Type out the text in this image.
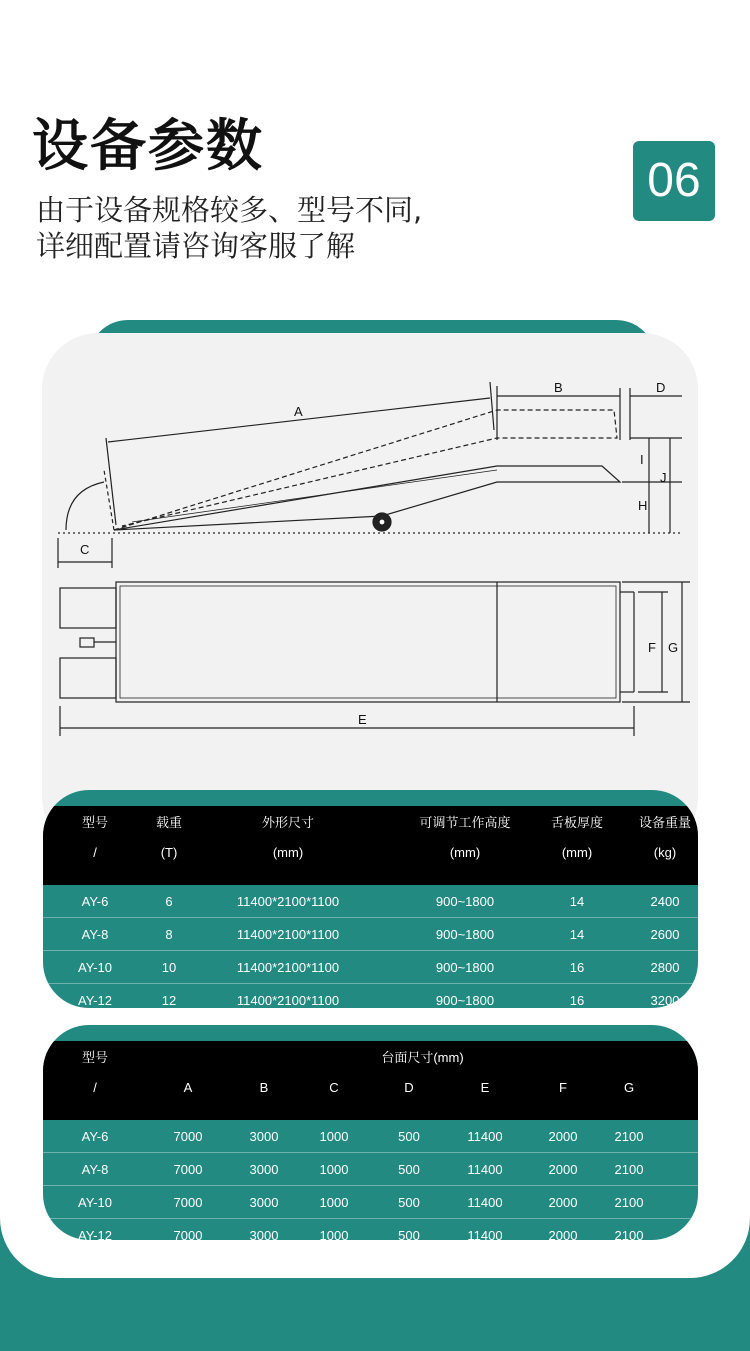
设备参数
由于设备规格较多、型号不同,
详细配置请咨询客服了解
06
A
B	D
I
J
H
C
F G
E
型号	载重	外形尺寸	可调节工作高度	舌板厚度	设备重量
/	(T)	(mm)	(mm)	(mm)	(kg)
AY-6	6	11400*2100*1100	900~1800	14	2400
AY-8	8	11400*2100*1100	900~1800	14	2600
AY-10	10	11400*2100*1100	900~1800	16	2800
AY-12	12	11400*2100*1100	900~1800	16	3200
型号	台面尺寸(mm)
/	A	B	C	D	E	F	G
AY-6	7000	3000	1000	500	11400	2000	2100
AY-8	7000	3000	1000	500	11400	2000	2100
AY-10	7000	3000	1000	500	11400	2000	2100
AY-12	7000	3000	1000	500	11400	2000	2100
